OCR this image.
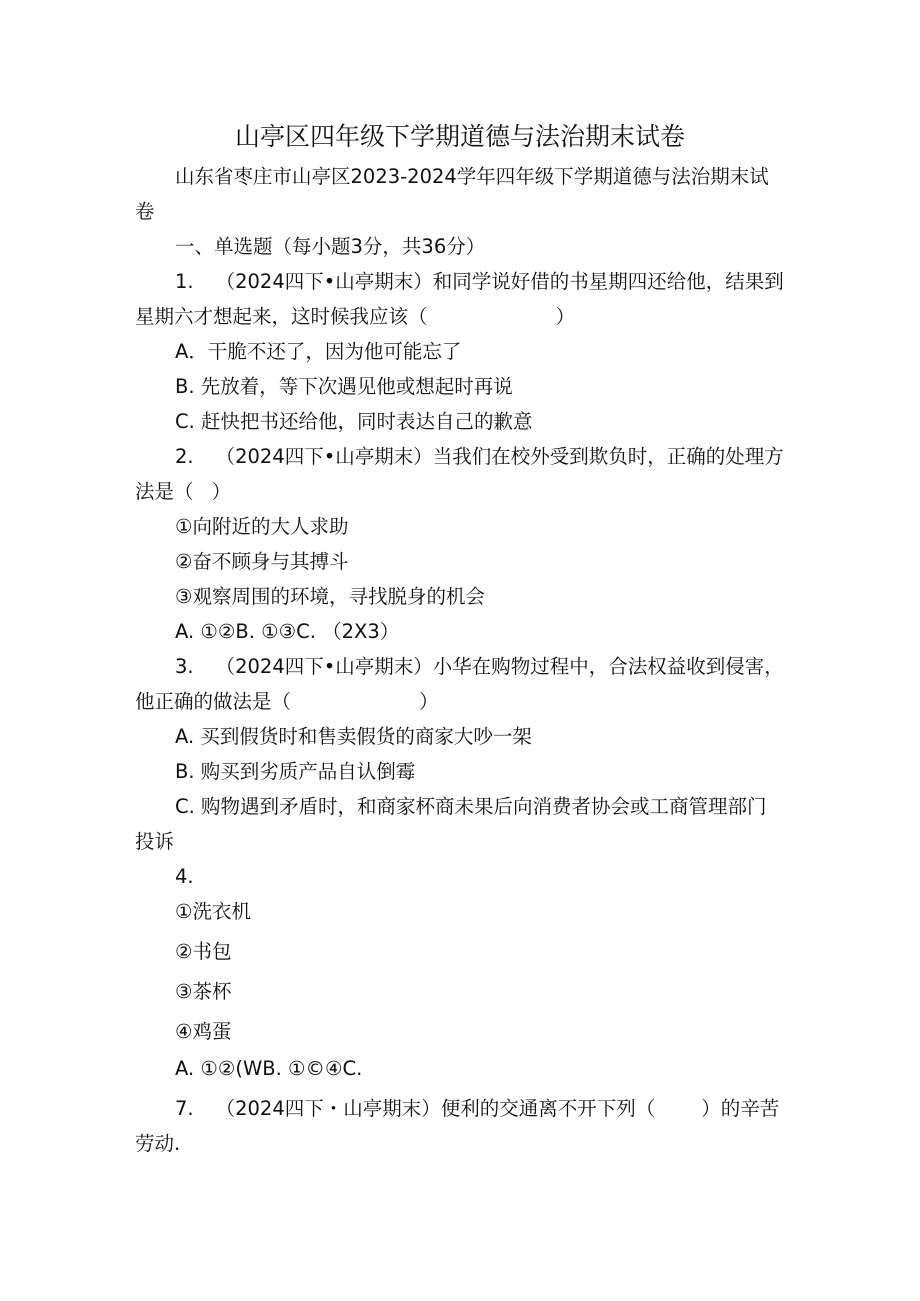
山亭区四年级下学期道德与法治期末试卷
山东省枣庄市山亭区2023-2024学年四年级下学期道德与法治期末试
卷
一、单选题（每小题3分，共36分）
1. （2024四下•山亭期末）和同学说好借的书星期四还给他，结果到
星期六才想起来，这时候我应该（	）
A．干脆不还了，因为他可能忘了
B. 先放着，等下次遇见他或想起时再说
C. 赶快把书还给他，同时表达自己的歉意
2. （2024四下•山亭期末）当我们在校外受到欺负时，正确的处理方
法是（ ）
①向附近的大人求助
②奋不顾身与其搏斗
③观察周围的环境，寻找脱身的机会
A. ①②B. ①③C. （2X3）
3. （2024四下•山亭期末）小华在购物过程中，合法权益收到侵害，
他正确的做法是（	）
A. 买到假货时和售卖假货的商家大吵一架
B. 购买到劣质产品自认倒霉
C. 购物遇到矛盾时，和商家杯商未果后向消费者协会或工商管理部门
投诉
4.
①洗衣机
②书包
③茶杯
④鸡蛋
A. ①②(WB. ①©④C.
7. （2024四下・山亭期末）便利的交通离不开下列（ ）的辛苦
劳动.
